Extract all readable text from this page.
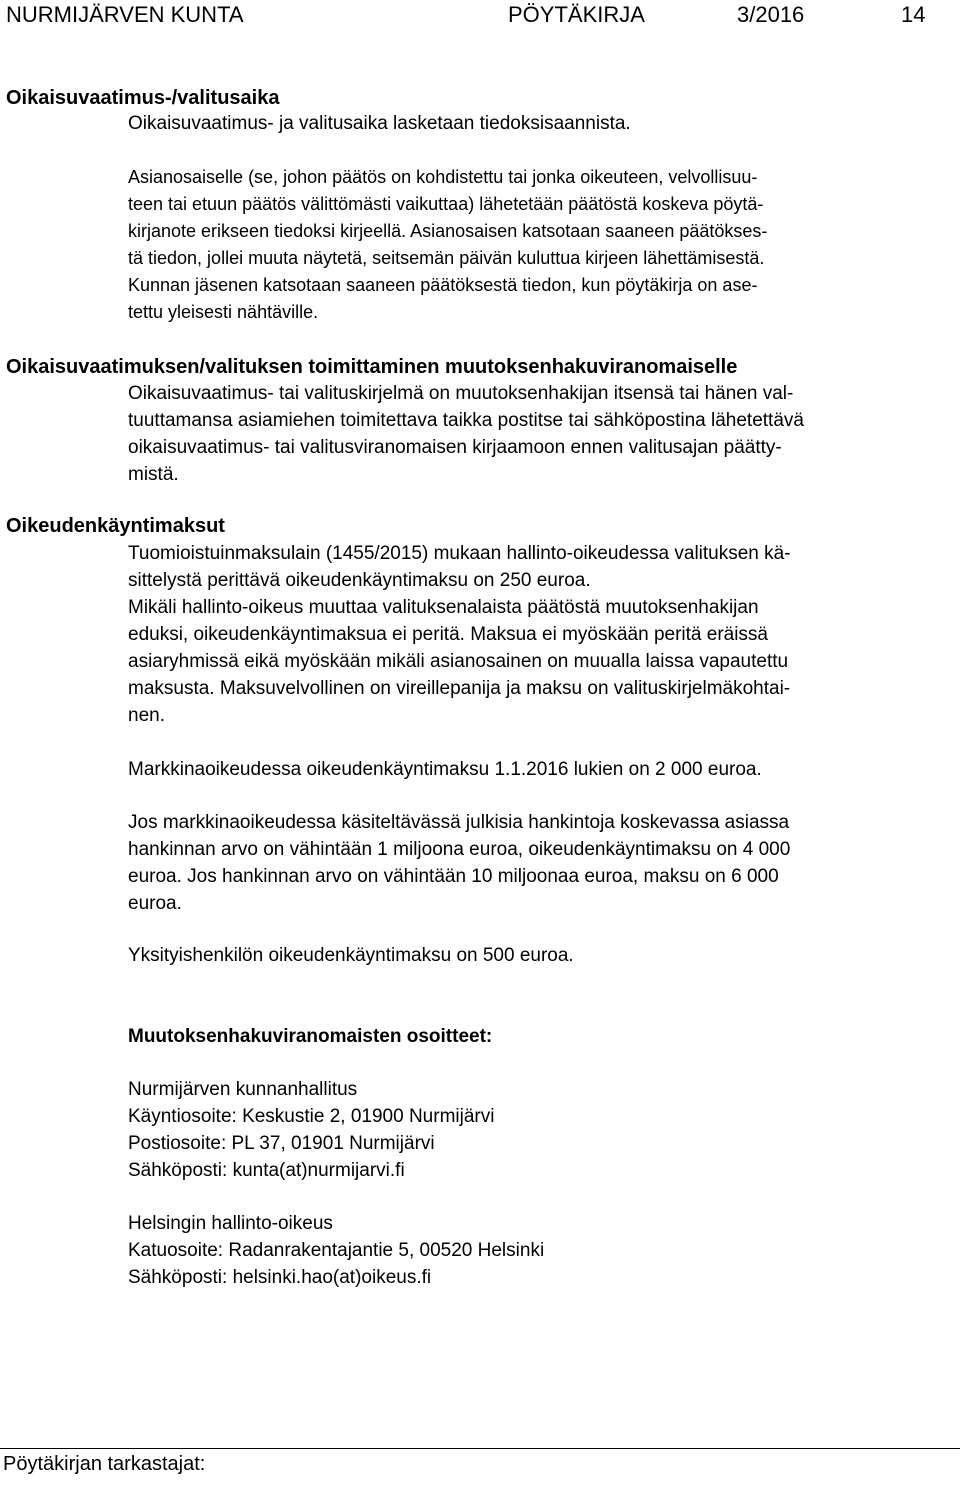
NURMIJÄRVEN KUNTA	PÖYTÄKIRJA	3/2016	14
Oikaisuvaatimus-/valitusaika
Oikaisuvaatimus- ja valitusaika lasketaan tiedoksisaannista.
Asianosaiselle (se, johon päätös on kohdistettu tai jonka oikeuteen, velvollisuu-
teen tai etuun päätös välittömästi vaikuttaa) lähetetään päätöstä koskeva pöytä-
kirjanote erikseen tiedoksi kirjeellä. Asianosaisen katsotaan saaneen päätökses-
tä tiedon, jollei muuta näytetä, seitsemän päivän kuluttua kirjeen lähettämisestä.
Kunnan jäsenen katsotaan saaneen päätöksestä tiedon, kun pöytäkirja on ase-
tettu yleisesti nähtäville.
Oikaisuvaatimuksen/valituksen toimittaminen muutoksenhakuviranomaiselle
Oikaisuvaatimus- tai valituskirjelmä on muutoksenhakijan itsensä tai hänen val-
tuuttamansa asiamiehen toimitettava taikka postitse tai sähköpostina lähetettävä
oikaisuvaatimus- tai valitusviranomaisen kirjaamoon ennen valitusajan päätty-
mistä.
Oikeudenkäyntimaksut
Tuomioistuinmaksulain (1455/2015) mukaan hallinto-oikeudessa valituksen kä-
sittelystä perittävä oikeudenkäyntimaksu on 250 euroa.
Mikäli hallinto-oikeus muuttaa valituksenalaista päätöstä muutoksenhakijan
eduksi, oikeudenkäyntimaksua ei peritä. Maksua ei myöskään peritä eräissä
asiaryhmissä eikä myöskään mikäli asianosainen on muualla laissa vapautettu
maksusta. Maksuvelvollinen on vireillepanija ja maksu on valituskirjelmäkohtai-
nen.
Markkinaoikeudessa oikeudenkäyntimaksu 1.1.2016 lukien on 2 000 euroa.
Jos markkinaoikeudessa käsiteltävässä julkisia hankintoja koskevassa asiassa
hankinnan arvo on vähintään 1 miljoona euroa, oikeudenkäyntimaksu on 4 000
euroa. Jos hankinnan arvo on vähintään 10 miljoonaa euroa, maksu on 6 000
euroa.
Yksityishenkilön oikeudenkäyntimaksu on 500 euroa.
Muutoksenhakuviranomaisten osoitteet:
Nurmijärven kunnanhallitus
Käyntiosoite: Keskustie 2, 01900 Nurmijärvi
Postiosoite: PL 37, 01901 Nurmijärvi
Sähköposti: kunta(at)nurmijarvi.fi
Helsingin hallinto-oikeus
Katuosoite: Radanrakentajantie 5, 00520 Helsinki
Sähköposti: helsinki.hao(at)oikeus.fi
Pöytäkirjan tarkastajat:
